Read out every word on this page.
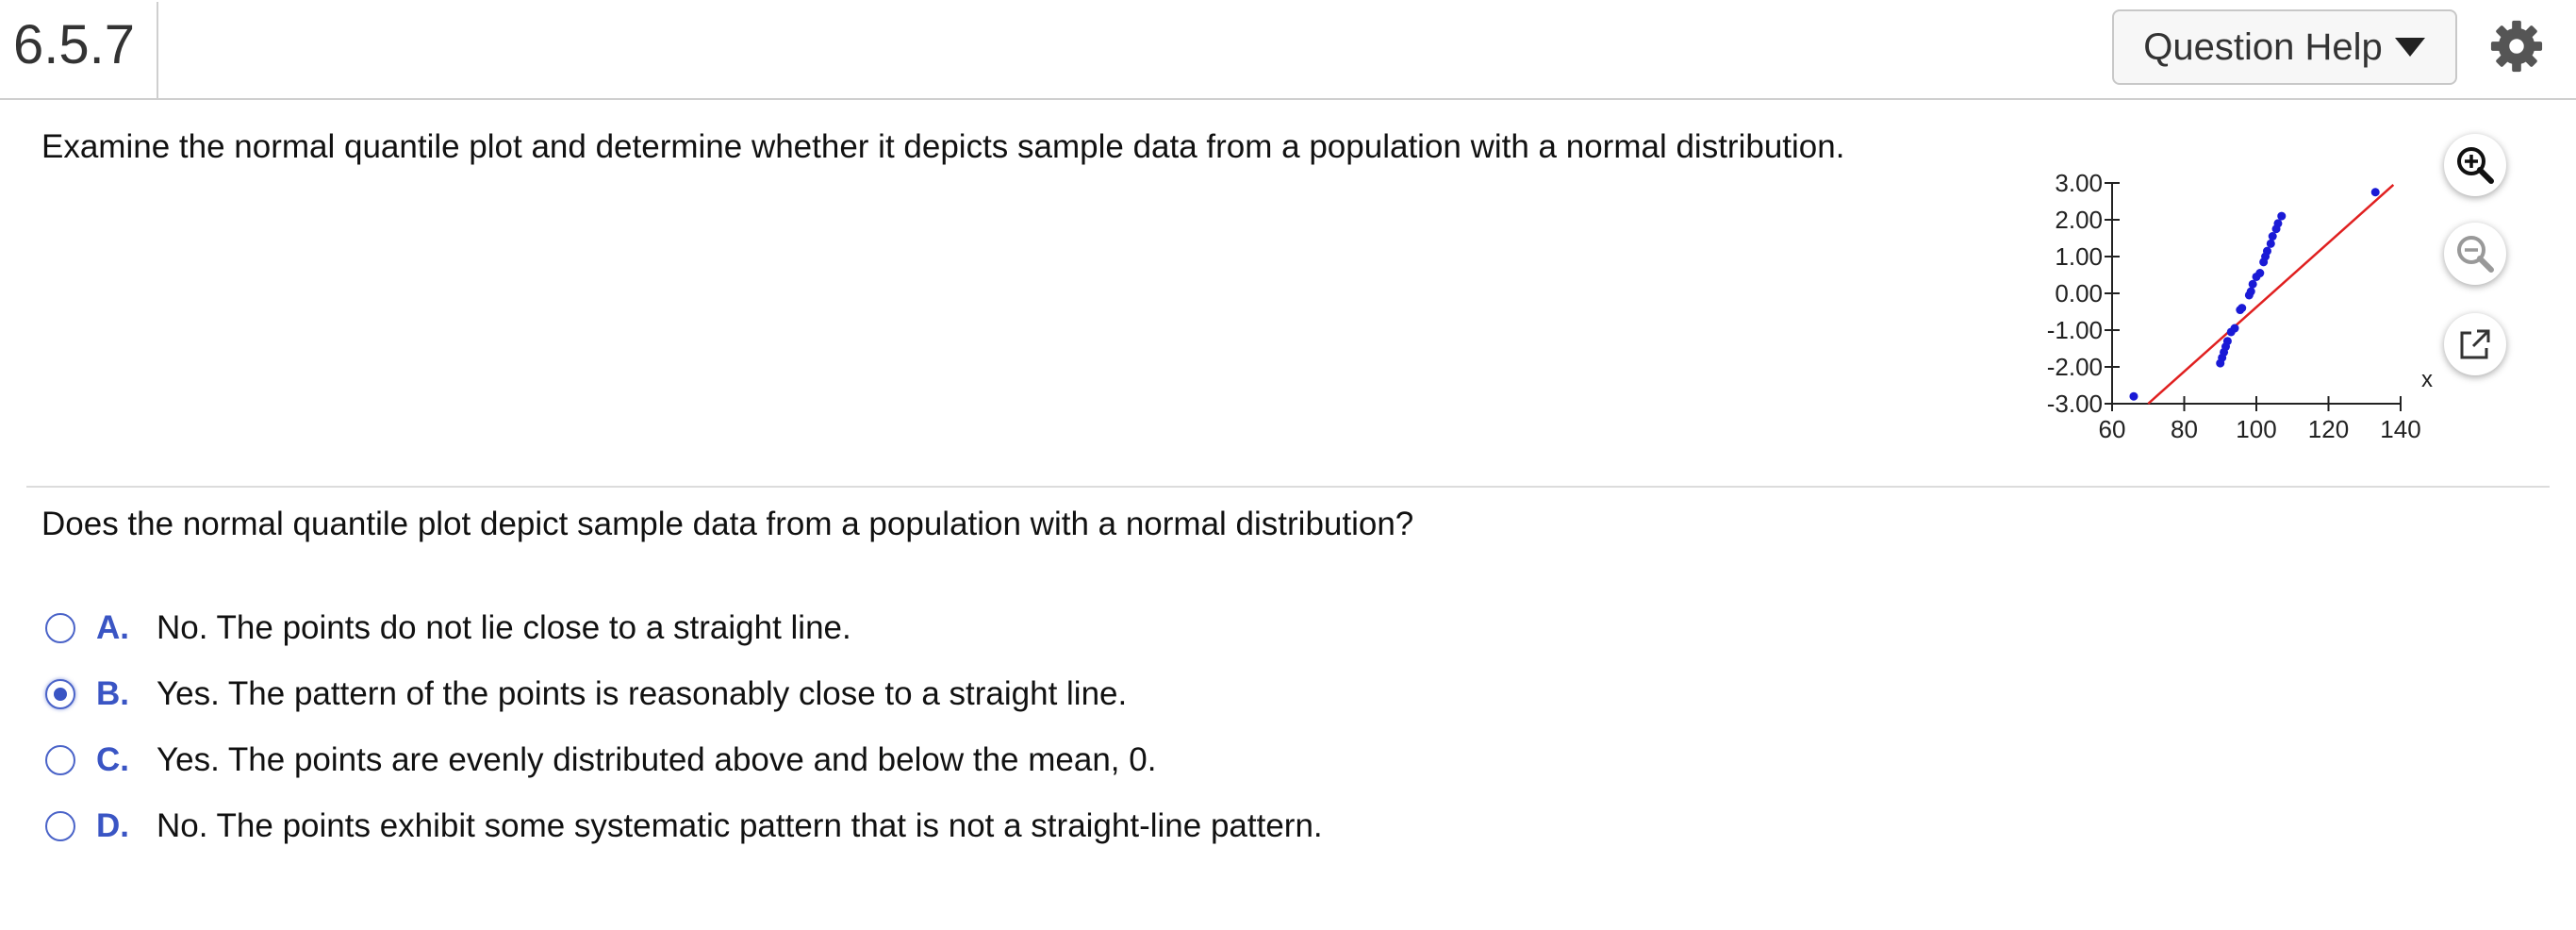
6.5.7	Question Help
Examine the normal quantile plot and determine whether it depicts sample data from a population with a normal distribution.
3.00
2.00
1.00
0.00
-1.00
-2.00
-3.00
60 80 100 120 140
x
Does the normal quantile plot depict sample data from a population with a normal distribution?
A. No. The points do not lie close to a straight line.
B. Yes. The pattern of the points is reasonably close to a straight line.
C. Yes. The points are evenly distributed above and below the mean, 0.
D. No. The points exhibit some systematic pattern that is not a straight-line pattern.
